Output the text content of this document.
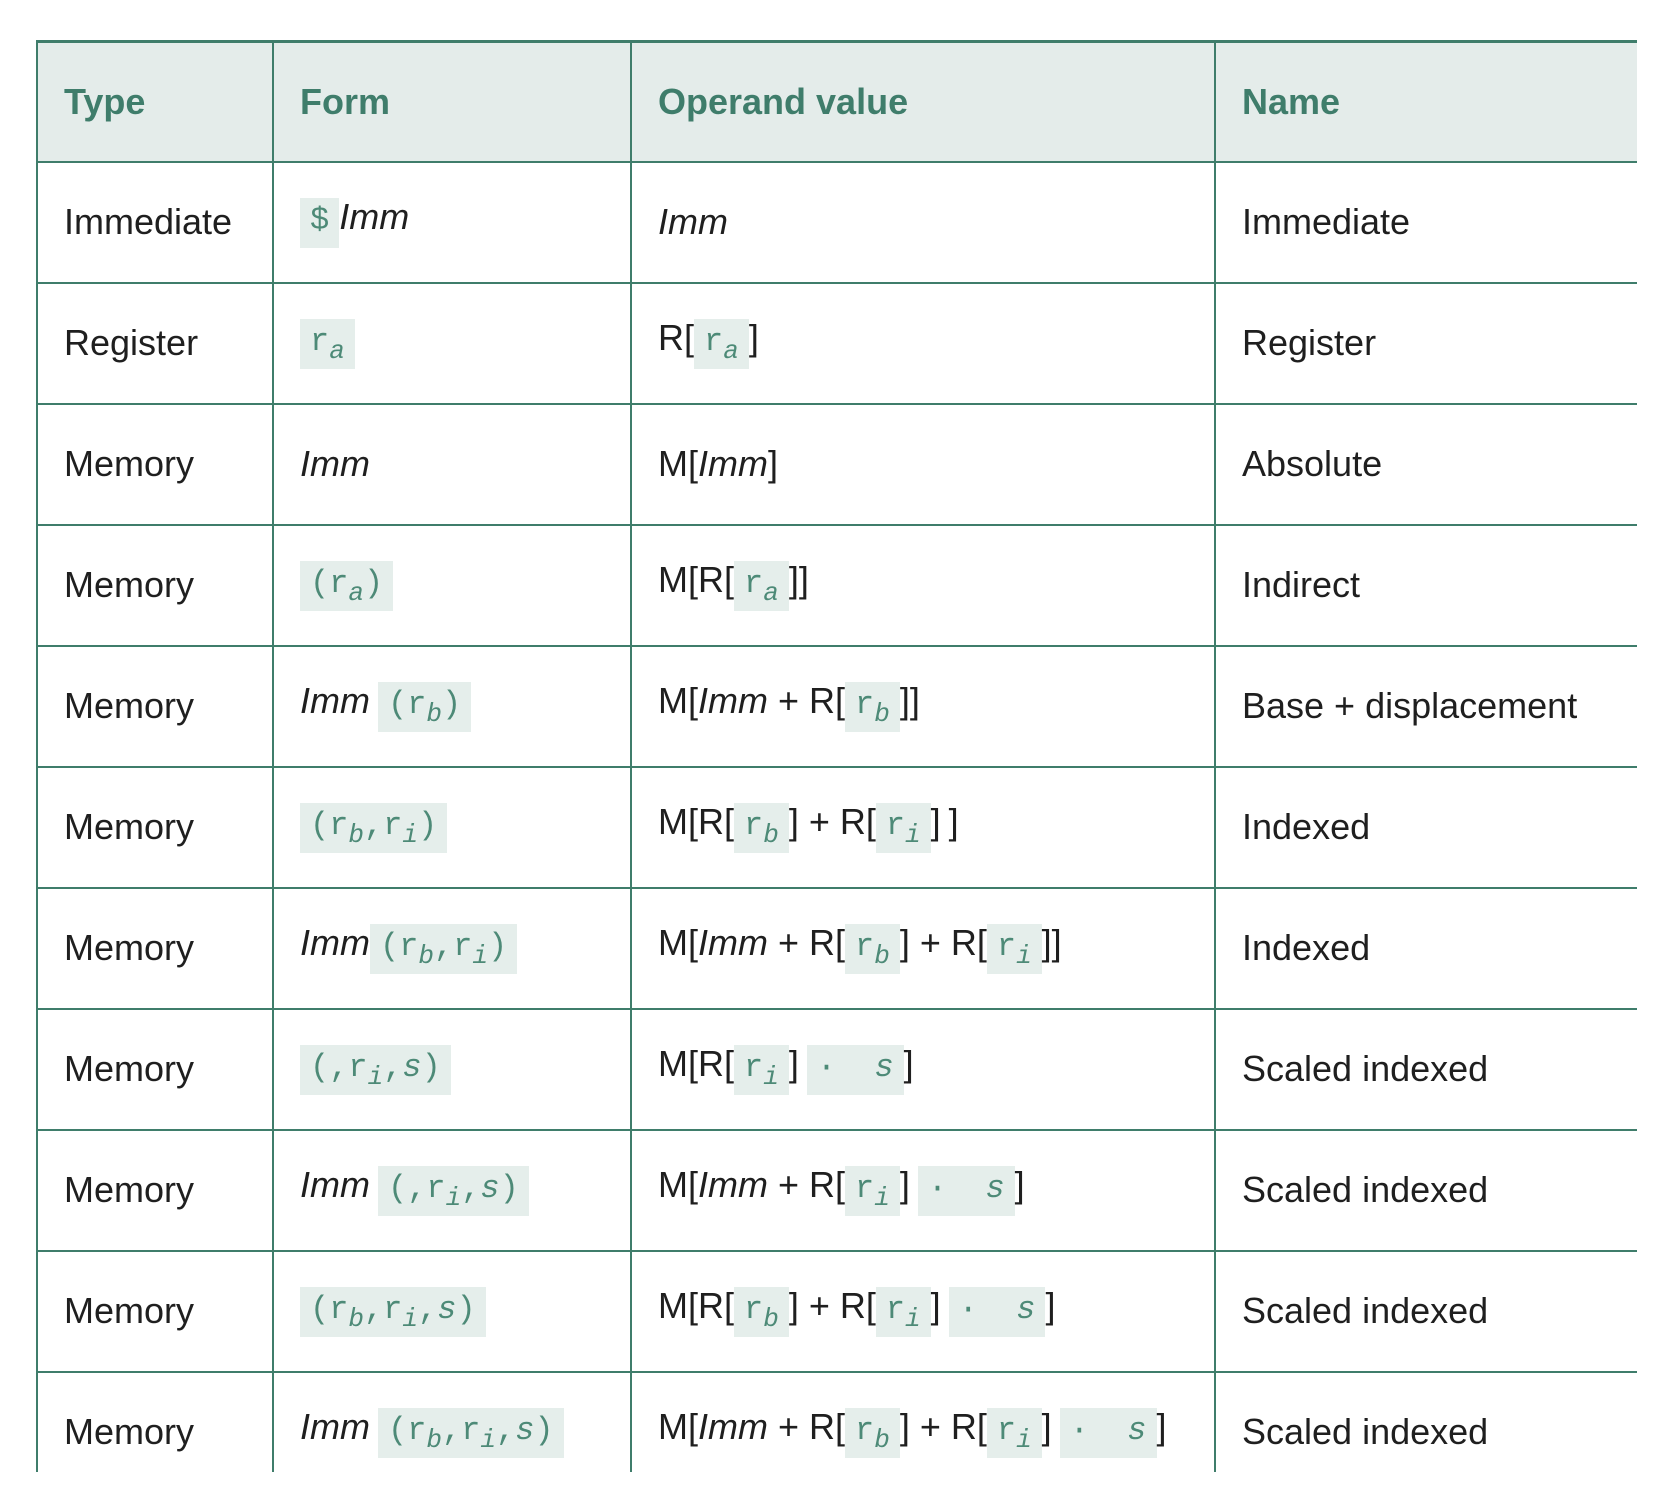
Type	Form	Operand value	Name
Immediate	$ Imm	Imm	Immediate
Register	$r_a$	R[ $r_a$ ]	Register
Memory	Imm	M[Imm]	Absolute
Memory	$(r_a)$	M[R[ $r_a$ ]]	Indirect
Memory	Imm $(r_b)$	M[Imm + R[ $r_b$ ]]	Base + displacement
Memory	$(r_b,r_i)$	M[R[ $r_b$ ] + R[ $r_i$ ] ]	Indexed
Memory	Imm $(r_b,r_i)$	M[Imm + R[ $r_b$ ] + R[ $r_i$ ]]	Indexed
Memory	$(,r_i,s)$	M[R[ $r_i$ ] ·  s ]	Scaled indexed
Memory	Imm $(,r_i,s)$	M[Imm + R[ $r_i$ ] ·  s ]	Scaled indexed
Memory	$(r_b,r_i,s)$	M[R[ $r_b$ ] + R[ $r_i$ ] ·  s ]	Scaled indexed
Memory	Imm $(r_b,r_i,s)$	M[Imm + R[ $r_b$ ] + R[ $r_i$ ] ·  s ]	Scaled indexed
